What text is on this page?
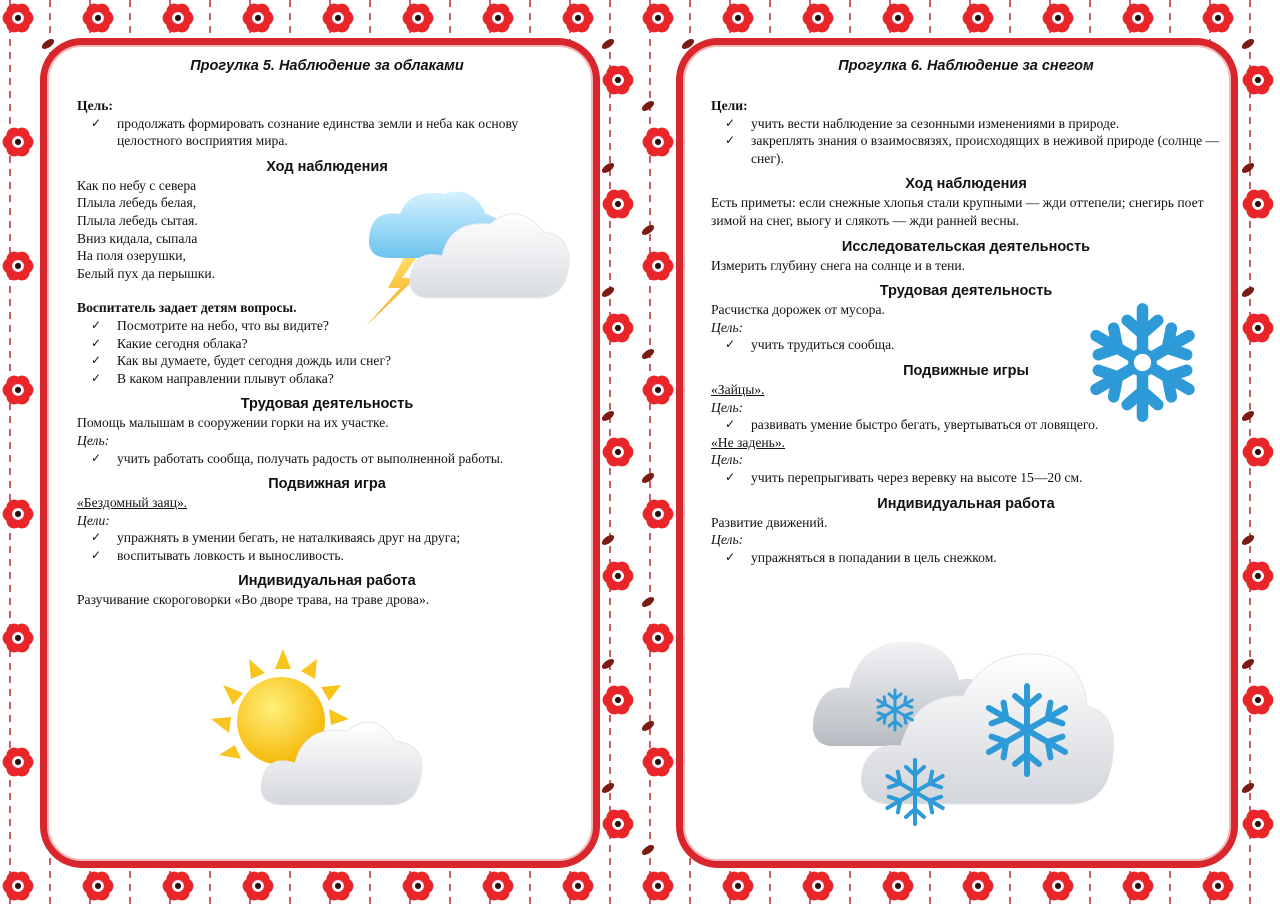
Прогулка 5. Наблюдение за облаками
Цель:
✓ продолжать формировать сознание единства земли и неба как основу целостного восприятия мира.
Ход наблюдения
Как по небу с севера
Плыла лебедь белая,
Плыла лебедь сытая.
Вниз кидала, сыпала
На поля озерушки,
Белый пух да перышки.
Воспитатель задает детям вопросы.
✓ Посмотрите на небо, что вы видите?
✓ Какие сегодня облака?
✓ Как вы думаете, будет сегодня дождь или снег?
✓ В каком направлении плывут облака?
Трудовая деятельность
Помощь малышам в сооружении горки на их участке.
Цель:
✓ учить работать сообща, получать радость от выполненной работы.
Подвижная игра
«Бездомный заяц».
Цели:
✓ упражнять в умении бегать, не наталкиваясь друг на друга;
✓ воспитывать ловкость и выносливость.
Индивидуальная работа
Разучивание скороговорки «Во дворе трава, на траве дрова».
Прогулка 6. Наблюдение за снегом
Цели:
✓ учить вести наблюдение за сезонными изменениями в природе.
✓ закреплять знания о взаимосвязях, происходящих в неживой природе (солнце — снег).
Ход наблюдения
Есть приметы: если снежные хлопья стали крупными — жди оттепели; снегирь поет зимой на снег, выогу и слякоть — жди ранней весны.
Исследовательская деятельность
Измерить глубину снега на солнце и в тени.
Трудовая деятельность
Расчистка дорожек от мусора.
Цель:
✓ учить трудиться сообща.
Подвижные игры
«Зайцы».
Цель:
✓ развивать умение быстро бегать, увертываться от ловящего.
«Не задень».
Цель:
✓ учить перепрыгивать через веревку на высоте 15—20 см.
Индивидуальная работа
Развитие движений.
Цель:
✓ упражняться в попадании в цель снежком.
